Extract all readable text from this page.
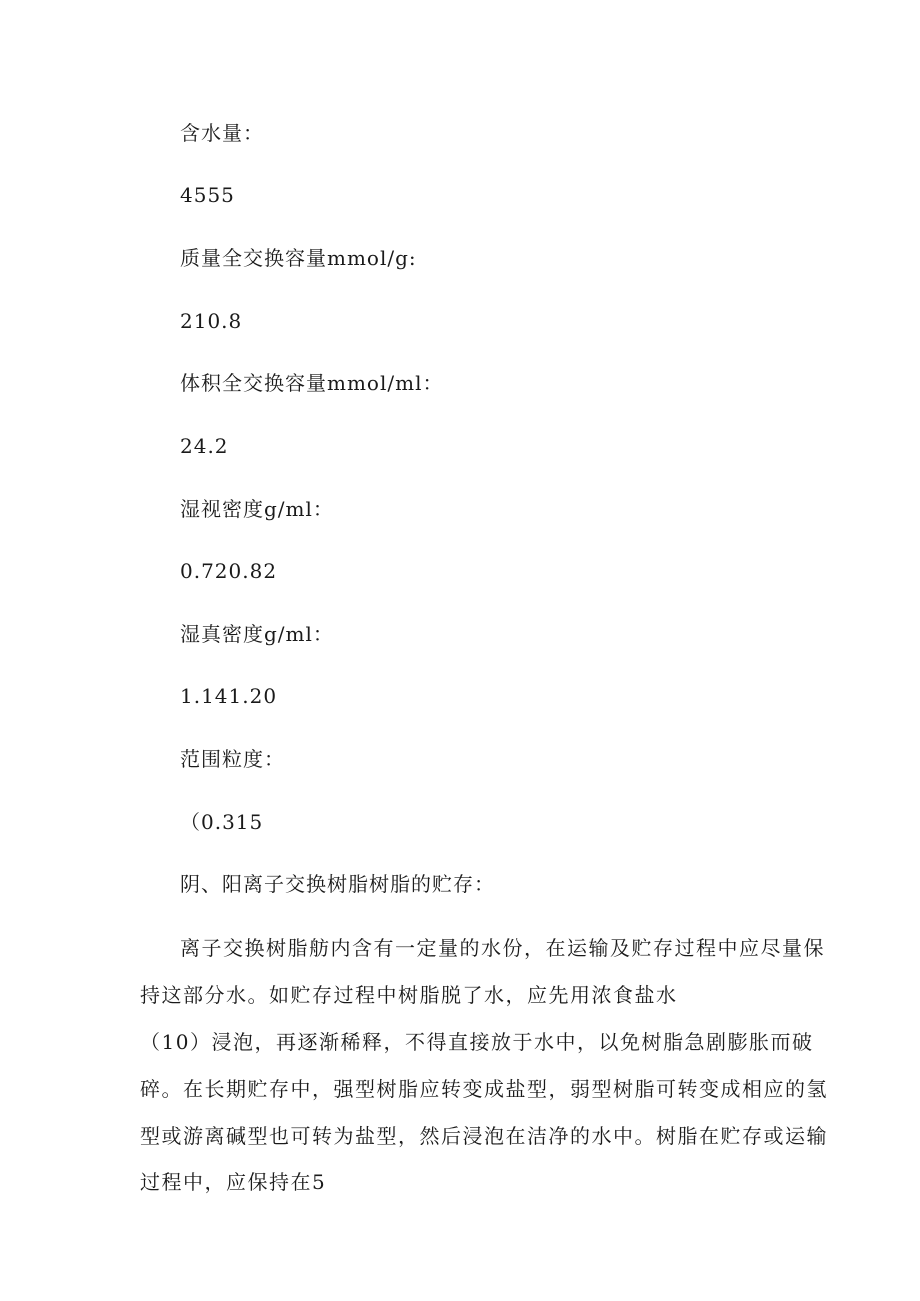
含水量：
4555
质量全交换容量mmol/g:
210.8
体积全交换容量mmol/ml：
24.2
湿视密度g/ml：
0.720.82
湿真密度g/ml：
1.141.20
范围粒度：
（0.315
阴、阳离子交换树脂树脂的贮存：
离子交换树脂舫内含有一定量的水份，在运输及贮存过程中应尽量保
持这部分水。如贮存过程中树脂脱了水，应先用浓食盐水
（10）浸泡，再逐渐稀释，不得直接放于水中，以免树脂急剧膨胀而破
碎。在长期贮存中，强型树脂应转变成盐型，弱型树脂可转变成相应的氢
型或游离碱型也可转为盐型，然后浸泡在洁净的水中。树脂在贮存或运输
过程中，应保持在5
